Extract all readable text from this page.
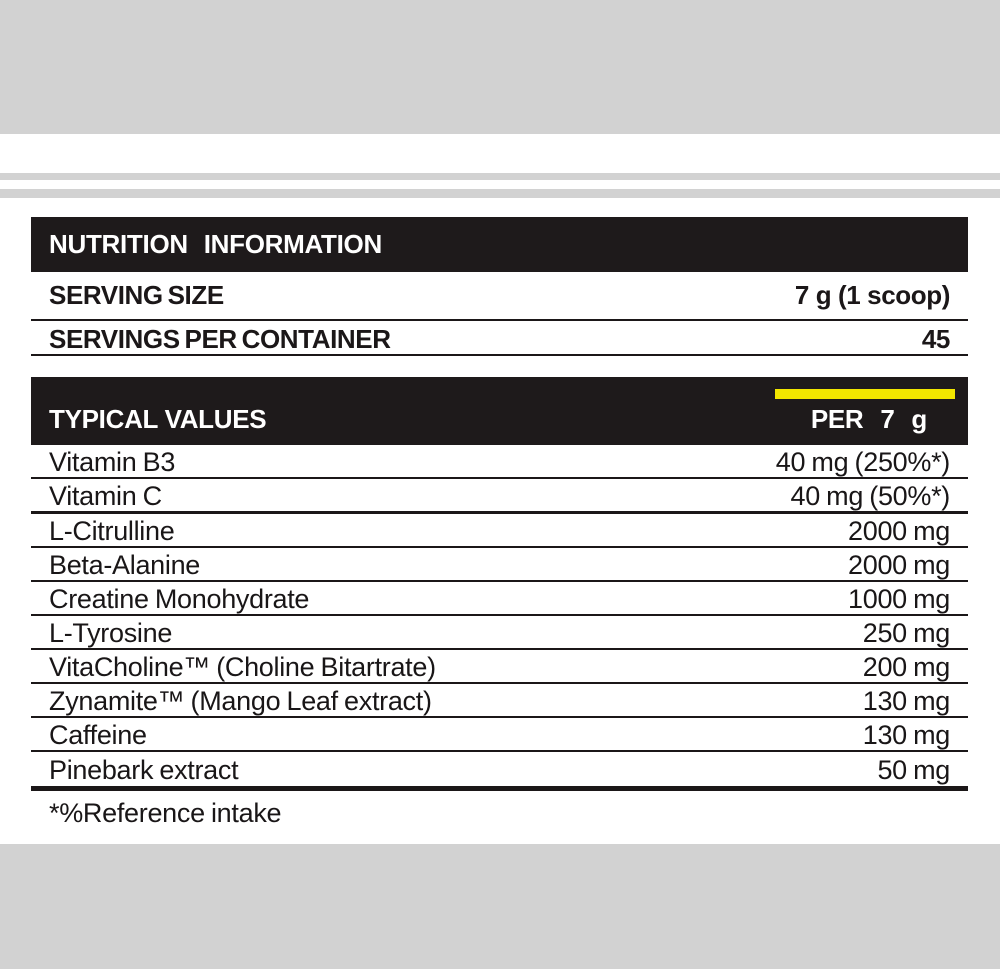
NUTRITION INFORMATION
SERVING SIZE	7 g (1 scoop)
SERVINGS PER CONTAINER	45
TYPICAL VALUES	PER 7 g
Vitamin B3	40 mg (250%*)
Vitamin C	40 mg (50%*)
L-Citrulline	2000 mg
Beta-Alanine	2000 mg
Creatine Monohydrate	1000 mg
L-Tyrosine	250 mg
VitaCholine™ (Choline Bitartrate)	200 mg
Zynamite™ (Mango Leaf extract)	130 mg
Caffeine	130 mg
Pinebark extract	50 mg
*%Reference intake
